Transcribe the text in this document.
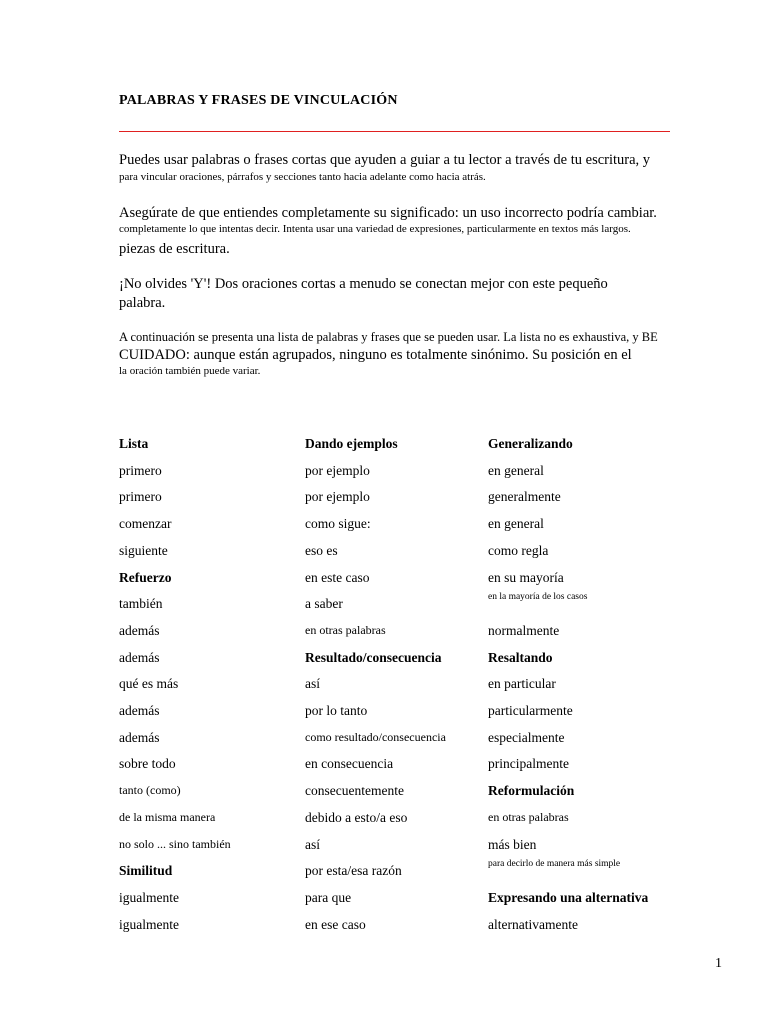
PALABRAS Y FRASES DE VINCULACIÓN
Puedes usar palabras o frases cortas que ayuden a guiar a tu lector a través de tu escritura, y
para vincular oraciones, párrafos y secciones tanto hacia adelante como hacia atrás.
Asegúrate de que entiendes completamente su significado: un uso incorrecto podría cambiar.
completamente lo que intentas decir. Intenta usar una variedad de expresiones, particularmente en textos más largos.
piezas de escritura.
¡No olvides 'Y'! Dos oraciones cortas a menudo se conectan mejor con este pequeño
palabra.
A continuación se presenta una lista de palabras y frases que se pueden usar. La lista no es exhaustiva, y BE
CUIDADO: aunque están agrupados, ninguno es totalmente sinónimo. Su posición en el
la oración también puede variar.
Lista
primero
primero
comenzar
siguiente
Refuerzo
también
además
además
qué es más
además
además
sobre todo
tanto (como)
de la misma manera
no solo ... sino también
Similitud
igualmente
igualmente
Dando ejemplos
por ejemplo
por ejemplo
como sigue:
eso es
en este caso
a saber
en otras palabras
Resultado/consecuencia
así
por lo tanto
como resultado/consecuencia
en consecuencia
consecuentemente
debido a esto/a eso
así
por esta/esa razón
para que
en ese caso
Generalizando
en general
generalmente
en general
como regla
en su mayoría
en la mayoría de los casos
normalmente
Resaltando
en particular
particularmente
especialmente
principalmente
Reformulación
en otras palabras
más bien
para decirlo de manera más simple
Expresando una alternativa
alternativamente
1
